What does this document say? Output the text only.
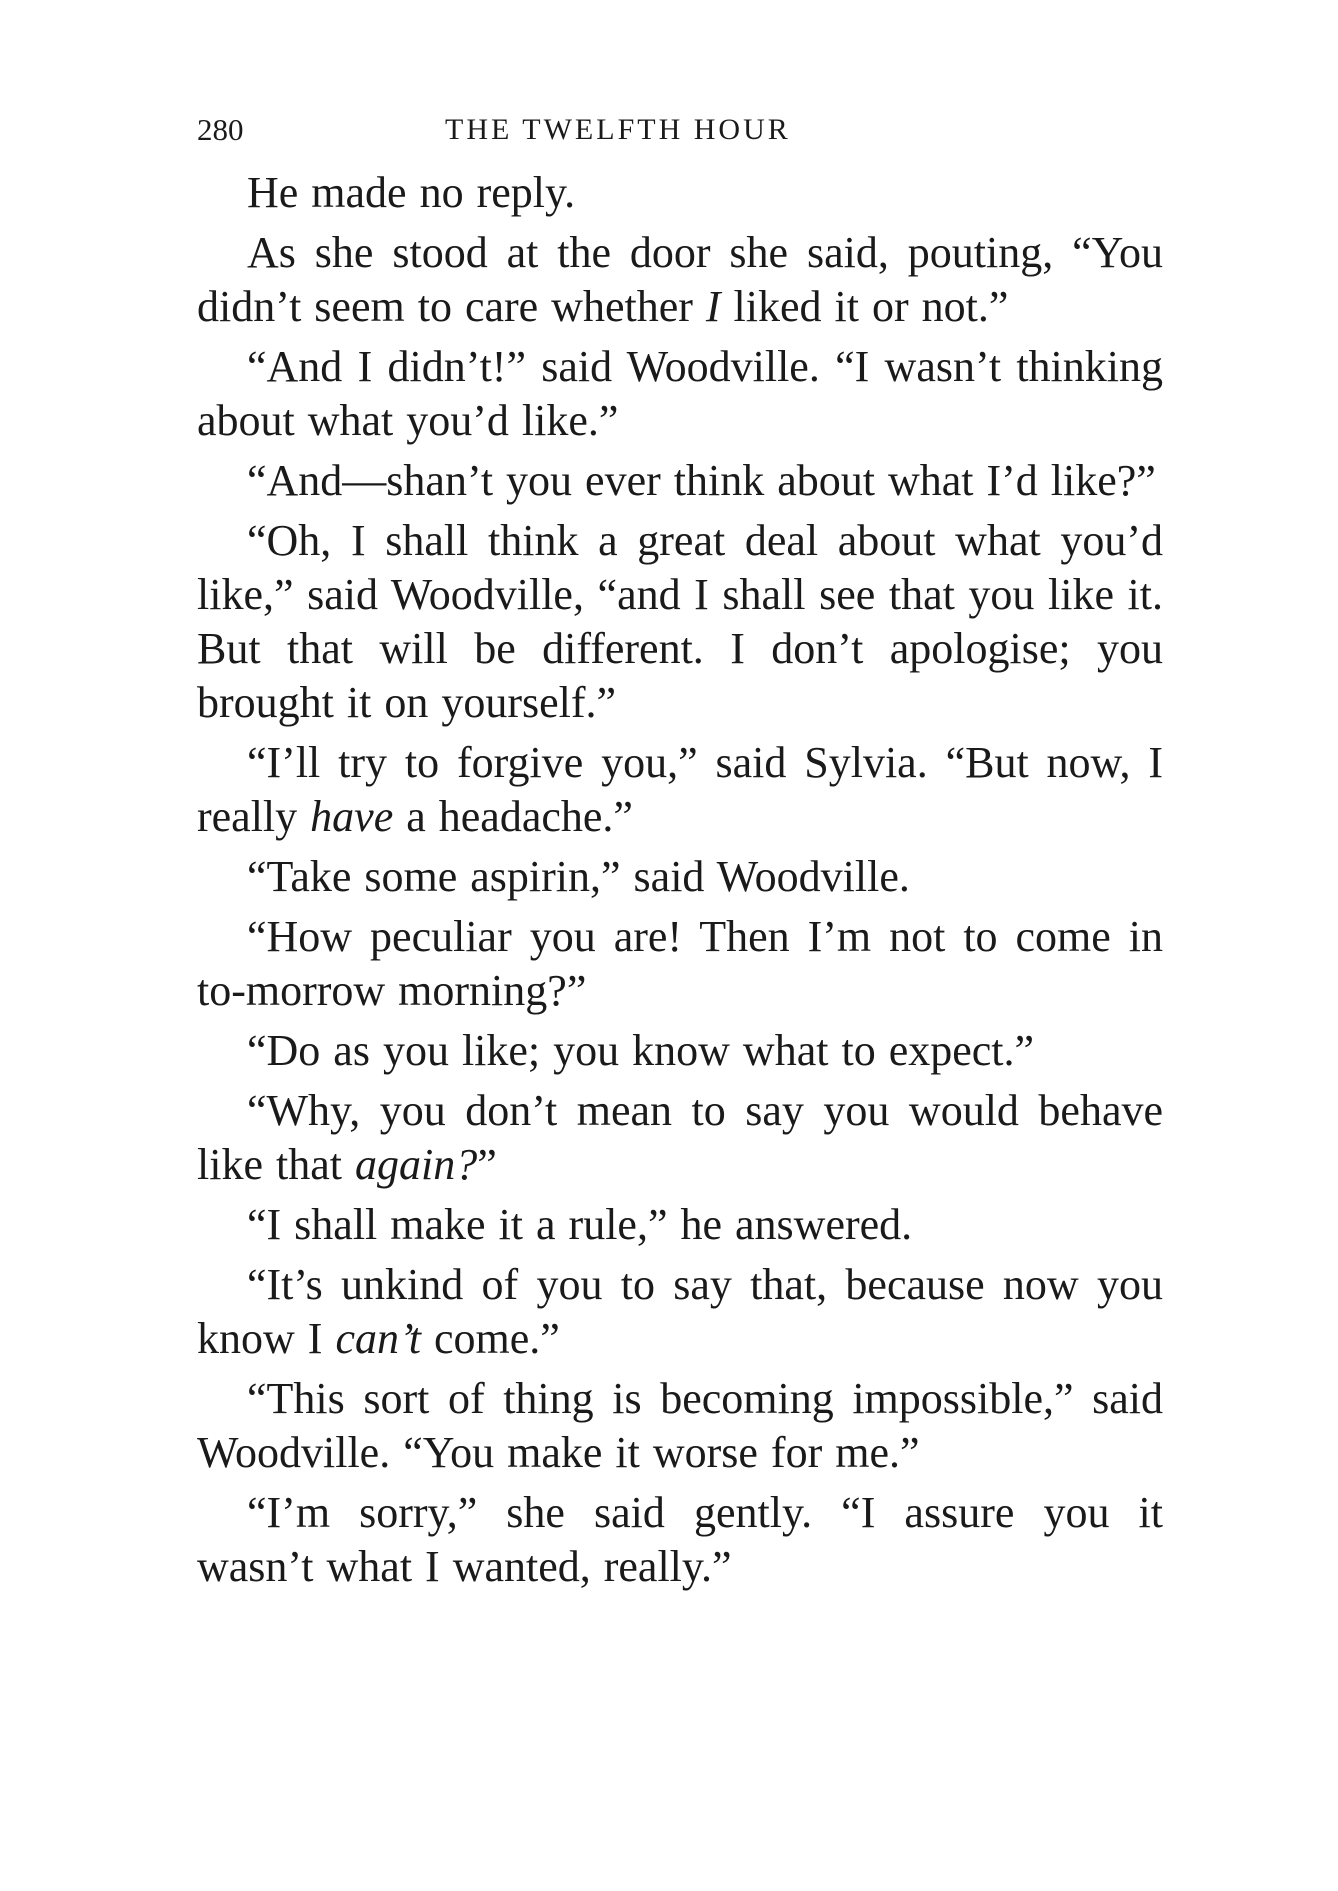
280	THE TWELFTH HOUR

He made no reply.

As she stood at the door she said, pouting, “You didn’t seem to care whether I liked it or not.”

“And I didn’t!” said Woodville. “I wasn’t thinking about what you’d like.”

“And—shan’t you ever think about what I’d like?”

“Oh, I shall think a great deal about what you’d like,” said Woodville, “and I shall see that you like it. But that will be different. I don’t apologise; you brought it on yourself.”

“I’ll try to forgive you,” said Sylvia. “But now, I really have a headache.”

“Take some aspirin,” said Woodville.

“How peculiar you are! Then I’m not to come in to-morrow morning?”

“Do as you like; you know what to expect.”

“Why, you don’t mean to say you would behave like that again?”

“I shall make it a rule,” he answered.

“It’s unkind of you to say that, because now you know I can’t come.”

“This sort of thing is becoming impossible,” said Woodville. “You make it worse for me.”

“I’m sorry,” she said gently. “I assure you it wasn’t what I wanted, really.”
